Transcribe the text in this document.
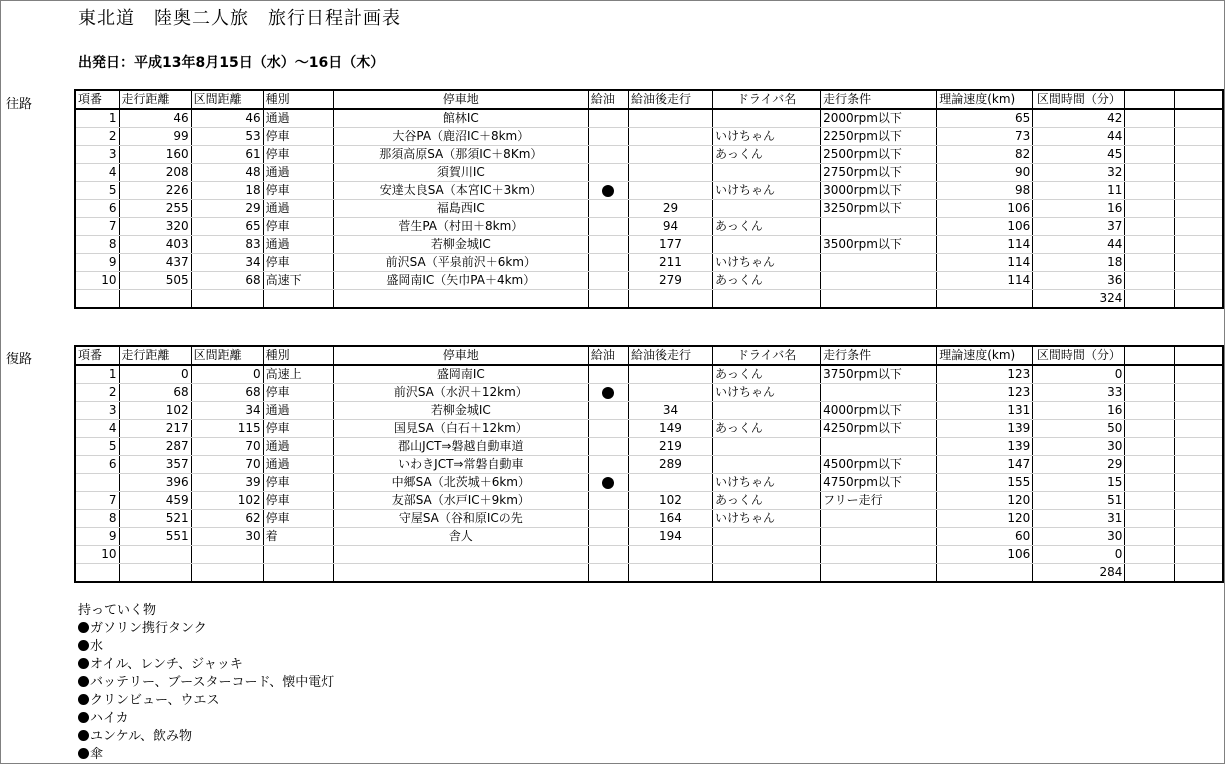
東北道　陸奥二人旅　旅行日程計画表
出発日：平成13年8月15日（水）～16日（木）
往路	項番	走行距離	区間距離	種別	停車地	給油	給油後走行	ドライバ名	走行条件	理論速度(km)	区間時間（分）		
1	46	46	通過	館林IC				2000rpm以下	65	42		
2	99	53	停車	大谷PA（鹿沼IC＋8km）			いけちゃん	2250rpm以下	73	44		
3	160	61	停車	那須高原SA（那須IC＋8Km）			あっくん	2500rpm以下	82	45		
4	208	48	通過	須賀川IC				2750rpm以下	90	32		
5	226	18	停車	安達太良SA（本宮IC＋3km）			いけちゃん	3000rpm以下	98	11		
6	255	29	通過	福島西IC		29		3250rpm以下	106	16		
7	320	65	停車	菅生PA（村田＋8km）		94	あっくん		106	37		
8	403	83	通過	若柳金城IC		177		3500rpm以下	114	44		
9	437	34	停車	前沢SA（平泉前沢＋6km）		211	いけちゃん		114	18		
10	505	68	高速下	盛岡南IC（矢巾PA＋4km）		279	あっくん		114	36		
										324		
復路	項番	走行距離	区間距離	種別	停車地	給油	給油後走行	ドライバ名	走行条件	理論速度(km)	区間時間（分）		
1	0	0	高速上	盛岡南IC			あっくん	3750rpm以下	123	0		
2	68	68	停車	前沢SA（水沢＋12km）			いけちゃん		123	33		
3	102	34	通過	若柳金城IC		34		4000rpm以下	131	16		
4	217	115	停車	国見SA（白石＋12km）		149	あっくん	4250rpm以下	139	50		
5	287	70	通過	郡山JCT⇒磐越自動車道		219			139	30		
6	357	70	通過	いわきJCT⇒常磐自動車		289		4500rpm以下	147	29		
	396	39	停車	中郷SA（北茨城＋6km）			いけちゃん	4750rpm以下	155	15		
7	459	102	停車	友部SA（水戸IC＋9km）		102	あっくん	フリー走行	120	51		
8	521	62	停車	守屋SA（谷和原ICの先		164	いけちゃん		120	31		
9	551	30	着	舎人		194			60	30		
10									106	0		
										284		
持っていく物
ガソリン携行タンク
水
オイル、レンチ、ジャッキ
バッテリー、ブースターコード、懐中電灯
クリンビュー、ウエス
ハイカ
ユンケル、飲み物
傘
